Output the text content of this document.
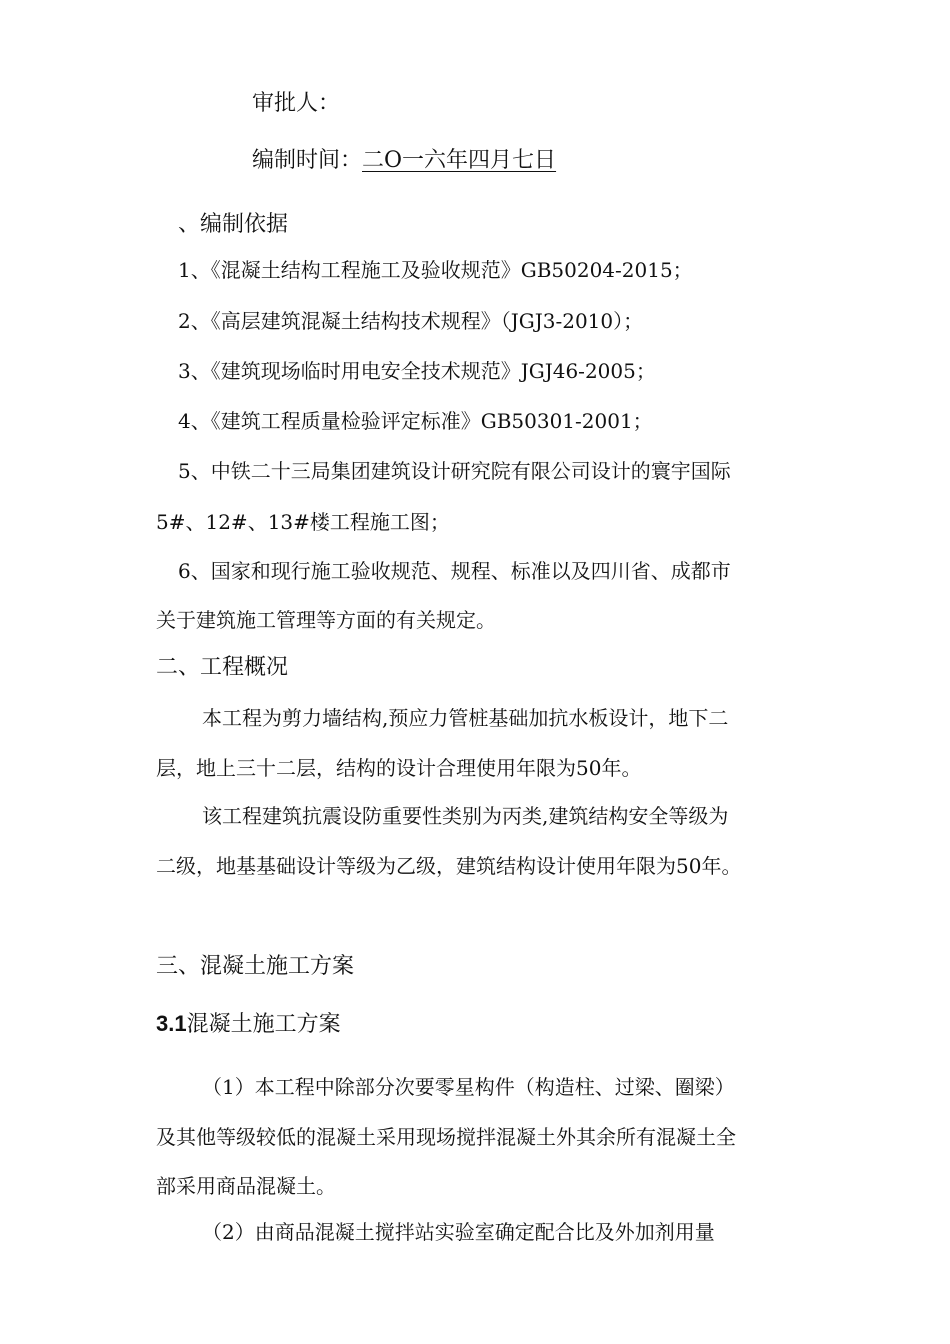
审批人：
编制时间：二O一六年四月七日
、编制依据
1、《混凝土结构工程施工及验收规范》GB50204-2015；
2、《高层建筑混凝土结构技术规程》（JGJ3-2010）；
3、《建筑现场临时用电安全技术规范》JGJ46-2005；
4、《建筑工程质量检验评定标准》GB50301-2001；
5、中铁二十三局集团建筑设计研究院有限公司设计的寰宇国际
5#、12#、13#楼工程施工图；
6、国家和现行施工验收规范、规程、标准以及四川省、成都市
关于建筑施工管理等方面的有关规定。
二、工程概况
本工程为剪力墙结构,预应力管桩基础加抗水板设计，地下二
层，地上三十二层，结构的设计合理使用年限为50年。
该工程建筑抗震设防重要性类别为丙类,建筑结构安全等级为
二级，地基基础设计等级为乙级，建筑结构设计使用年限为50年。
三、混凝土施工方案
3.1混凝土施工方案
（1）本工程中除部分次要零星构件（构造柱、过梁、圈梁）
及其他等级较低的混凝土采用现场搅拌混凝土外其余所有混凝土全
部采用商品混凝土。
（2）由商品混凝土搅拌站实验室确定配合比及外加剂用量
